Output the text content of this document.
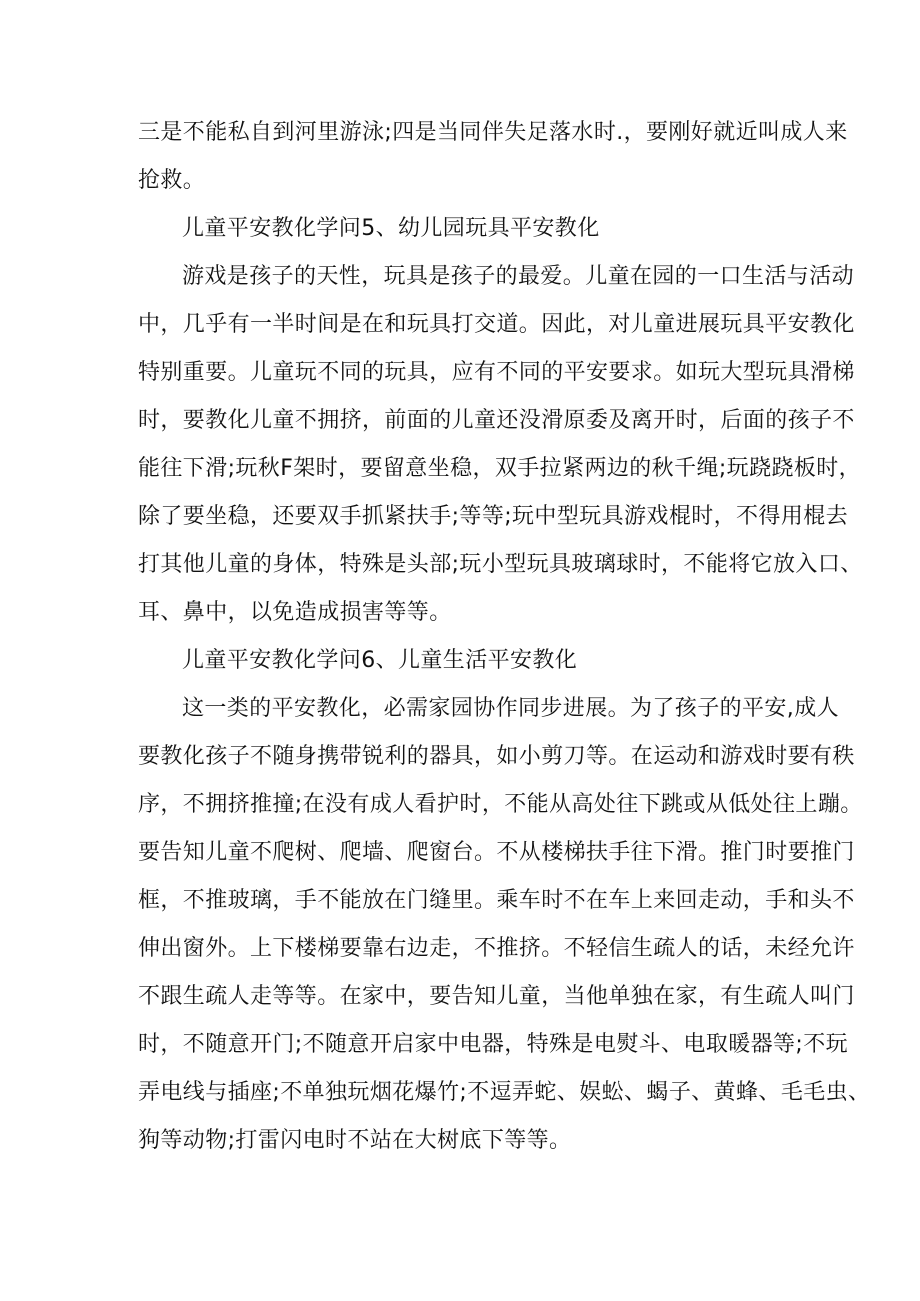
三是不能私自到河里游泳;四是当同伴失足落水时.，要刚好就近叫成人来
抢救。
儿童平安教化学问5、幼儿园玩具平安教化
游戏是孩子的天性，玩具是孩子的最爱。儿童在园的一口生活与活动
中，几乎有一半时间是在和玩具打交道。因此，对儿童进展玩具平安教化
特别重要。儿童玩不同的玩具，应有不同的平安要求。如玩大型玩具滑梯
时，要教化儿童不拥挤，前面的儿童还没滑原委及离开时，后面的孩子不
能往下滑;玩秋F架时，要留意坐稳，双手拉紧两边的秋千绳;玩跷跷板时，
除了要坐稳，还要双手抓紧扶手;等等;玩中型玩具游戏棍时，不得用棍去
打其他儿童的身体，特殊是头部;玩小型玩具玻璃球时，不能将它放入口、
耳、鼻中，以免造成损害等等。
儿童平安教化学问6、儿童生活平安教化
这一类的平安教化，必需家园协作同步进展。为了孩子的平安,成人
要教化孩子不随身携带锐利的器具，如小剪刀等。在运动和游戏时要有秩
序，不拥挤推撞;在没有成人看护时，不能从高处往下跳或从低处往上蹦。
要告知儿童不爬树、爬墙、爬窗台。不从楼梯扶手往下滑。推门时要推门
框，不推玻璃，手不能放在门缝里。乘车时不在车上来回走动，手和头不
伸出窗外。上下楼梯要靠右边走，不推挤。不轻信生疏人的话，未经允许
不跟生疏人走等等。在家中，要告知儿童，当他单独在家，有生疏人叫门
时，不随意开门;不随意开启家中电器，特殊是电熨斗、电取暖器等;不玩
弄电线与插座;不单独玩烟花爆竹;不逗弄蛇、娱蚣、蝎子、黄蜂、毛毛虫、
狗等动物;打雷闪电时不站在大树底下等等。
